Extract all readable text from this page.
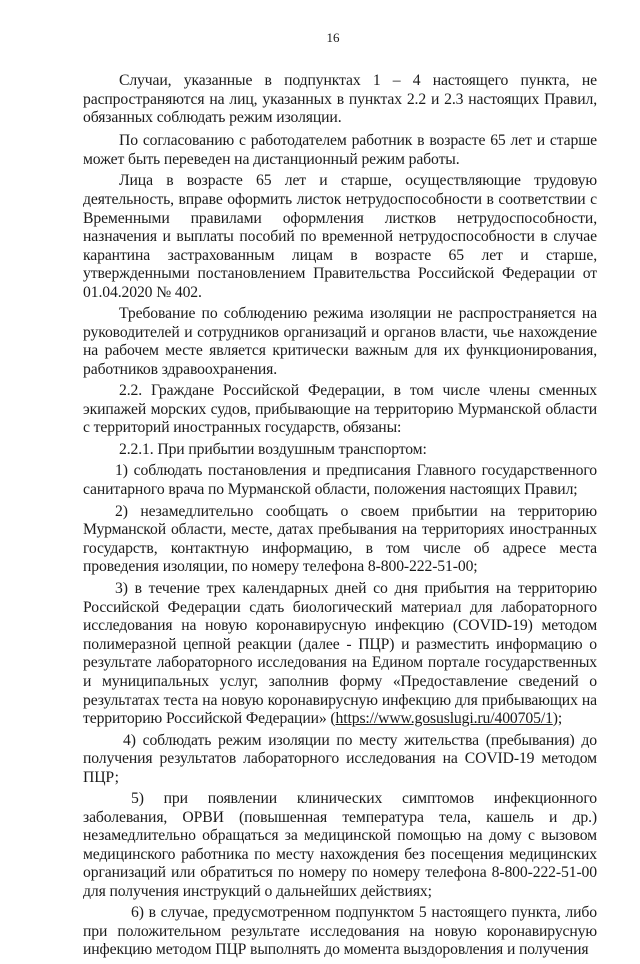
16

Случаи, указанные в подпунктах 1 – 4 настоящего пункта, не распространяются на лиц, указанных в пунктах 2.2 и 2.3 настоящих Правил, обязанных соблюдать режим изоляции.

По согласованию с работодателем работник в возрасте 65 лет и старше может быть переведен на дистанционный режим работы.

Лица в возрасте 65 лет и старше, осуществляющие трудовую деятельность, вправе оформить листок нетрудоспособности в соответствии с Временными правилами оформления листков нетрудоспособности, назначения и выплаты пособий по временной нетрудоспособности в случае карантина застрахованным лицам в возрасте 65 лет и старше, утвержденными постановлением Правительства Российской Федерации от 01.04.2020 № 402.

Требование по соблюдению режима изоляции не распространяется на руководителей и сотрудников организаций и органов власти, чье нахождение на рабочем месте является критически важным для их функционирования, работников здравоохранения.

2.2. Граждане Российской Федерации, в том числе члены сменных экипажей морских судов, прибывающие на территорию Мурманской области с территорий иностранных государств, обязаны:

2.2.1. При прибытии воздушным транспортом:

1) соблюдать постановления и предписания Главного государственного санитарного врача по Мурманской области, положения настоящих Правил;

2) незамедлительно сообщать о своем прибытии на территорию Мурманской области, месте, датах пребывания на территориях иностранных государств, контактную информацию, в том числе об адресе места проведения изоляции, по номеру телефона 8-800-222-51-00;

3) в течение трех календарных дней со дня прибытия на территорию Российской Федерации сдать биологический материал для лабораторного исследования на новую коронавирусную инфекцию (COVID-19) методом полимеразной цепной реакции (далее - ПЦР) и разместить информацию о результате лабораторного исследования на Едином портале государственных и муниципальных услуг, заполнив форму «Предоставление сведений о результатах теста на новую коронавирусную инфекцию для прибывающих на территорию Российской Федерации» (https://www.gosuslugi.ru/400705/1);

4) соблюдать режим изоляции по месту жительства (пребывания) до получения результатов лабораторного исследования на COVID-19 методом ПЦР;

5) при появлении клинических симптомов инфекционного заболевания, ОРВИ (повышенная температура тела, кашель и др.) незамедлительно обращаться за медицинской помощью на дому с вызовом медицинского работника по месту нахождения без посещения медицинских организаций или обратиться по номеру по номеру телефона 8-800-222-51-00 для получения инструкций о дальнейших действиях;

6) в случае, предусмотренном подпунктом 5 настоящего пункта, либо при положительном результате исследования на новую коронавирусную инфекцию методом ПЦР выполнять до момента выздоровления и получения
